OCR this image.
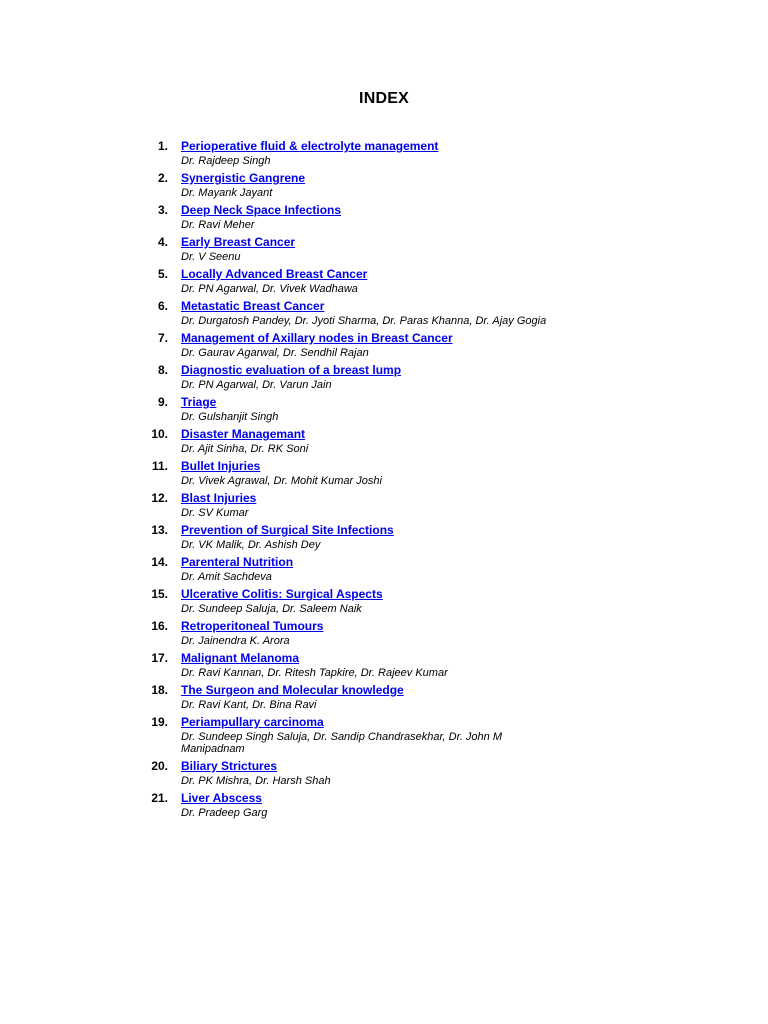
INDEX
1. Perioperative fluid & electrolyte management
Dr. Rajdeep Singh
2. Synergistic Gangrene
Dr. Mayank Jayant
3. Deep Neck Space Infections
Dr. Ravi Meher
4. Early Breast Cancer
Dr. V Seenu
5. Locally Advanced Breast Cancer
Dr. PN Agarwal, Dr. Vivek Wadhawa
6. Metastatic Breast Cancer
Dr. Durgatosh Pandey, Dr. Jyoti Sharma, Dr. Paras Khanna, Dr. Ajay Gogia
7. Management of Axillary nodes in Breast Cancer
Dr. Gaurav Agarwal, Dr. Sendhil Rajan
8. Diagnostic evaluation of a breast lump
Dr. PN Agarwal, Dr. Varun Jain
9. Triage
Dr. Gulshanjit Singh
10. Disaster Managemant
Dr. Ajit Sinha, Dr. RK Soni
11. Bullet Injuries
Dr. Vivek Agrawal, Dr. Mohit Kumar Joshi
12. Blast Injuries
Dr. SV Kumar
13. Prevention of Surgical Site Infections
Dr. VK Malik, Dr. Ashish Dey
14. Parenteral Nutrition
Dr. Amit Sachdeva
15. Ulcerative Colitis: Surgical Aspects
Dr. Sundeep Saluja, Dr. Saleem Naik
16. Retroperitoneal Tumours
Dr. Jainendra K. Arora
17. Malignant Melanoma
Dr. Ravi Kannan, Dr. Ritesh Tapkire, Dr. Rajeev Kumar
18. The Surgeon and Molecular knowledge
Dr. Ravi Kant, Dr. Bina Ravi
19. Periampullary carcinoma
Dr. Sundeep Singh Saluja, Dr. Sandip Chandrasekhar, Dr. John M Manipadnam
20. Biliary Strictures
Dr. PK Mishra, Dr. Harsh Shah
21. Liver Abscess
Dr. Pradeep Garg
